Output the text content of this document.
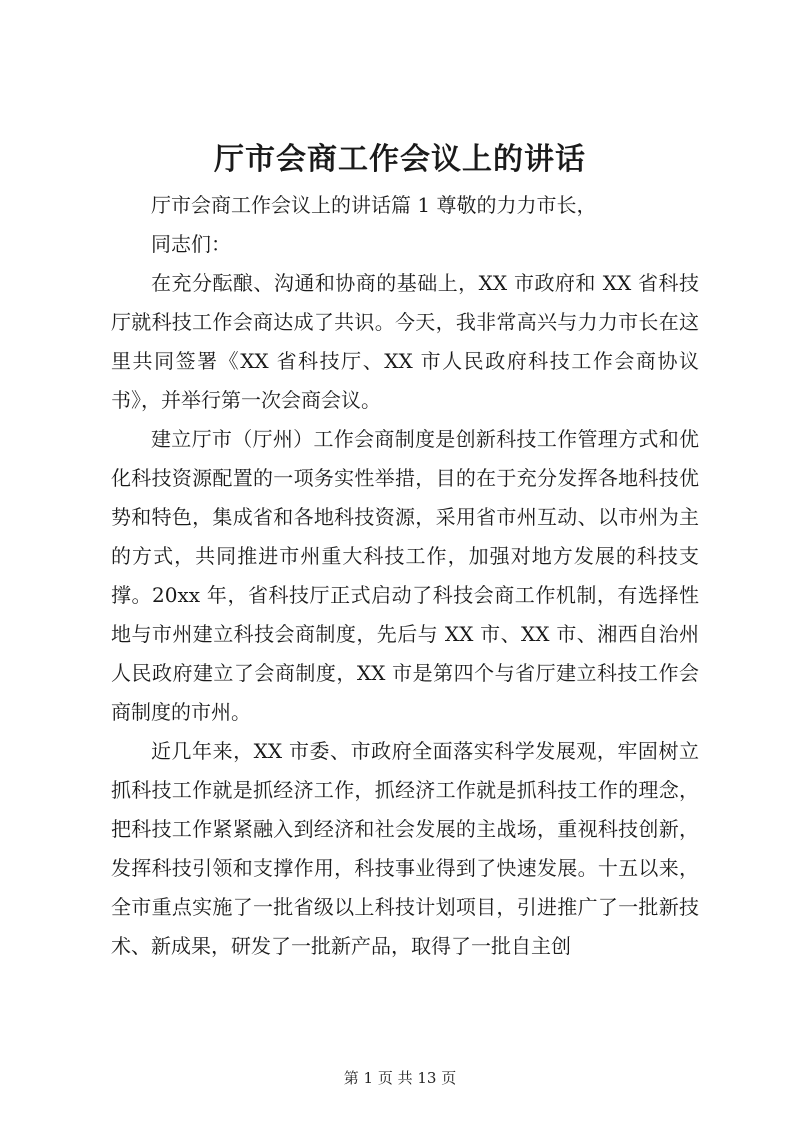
厅市会商工作会议上的讲话

厅市会商工作会议上的讲话篇 1 尊敬的力力市长，

同志们：

在充分酝酿、沟通和协商的基础上，XX 市政府和 XX 省科技厅就科技工作会商达成了共识。今天，我非常高兴与力力市长在这里共同签署《XX 省科技厅、XX 市人民政府科技工作会商协议书》，并举行第一次会商会议。

建立厅市（厅州）工作会商制度是创新科技工作管理方式和优化科技资源配置的一项务实性举措，目的在于充分发挥各地科技优势和特色，集成省和各地科技资源，采用省市州互动、以市州为主的方式，共同推进市州重大科技工作，加强对地方发展的科技支撑。20xx 年，省科技厅正式启动了科技会商工作机制，有选择性地与市州建立科技会商制度，先后与 XX 市、XX 市、湘西自治州人民政府建立了会商制度，XX 市是第四个与省厅建立科技工作会商制度的市州。

近几年来，XX 市委、市政府全面落实科学发展观，牢固树立抓科技工作就是抓经济工作，抓经济工作就是抓科技工作的理念，把科技工作紧紧融入到经济和社会发展的主战场，重视科技创新，发挥科技引领和支撑作用，科技事业得到了快速发展。十五以来，全市重点实施了一批省级以上科技计划项目，引进推广了一批新技术、新成果，研发了一批新产品，取得了一批自主创

第 1 页 共 13 页
